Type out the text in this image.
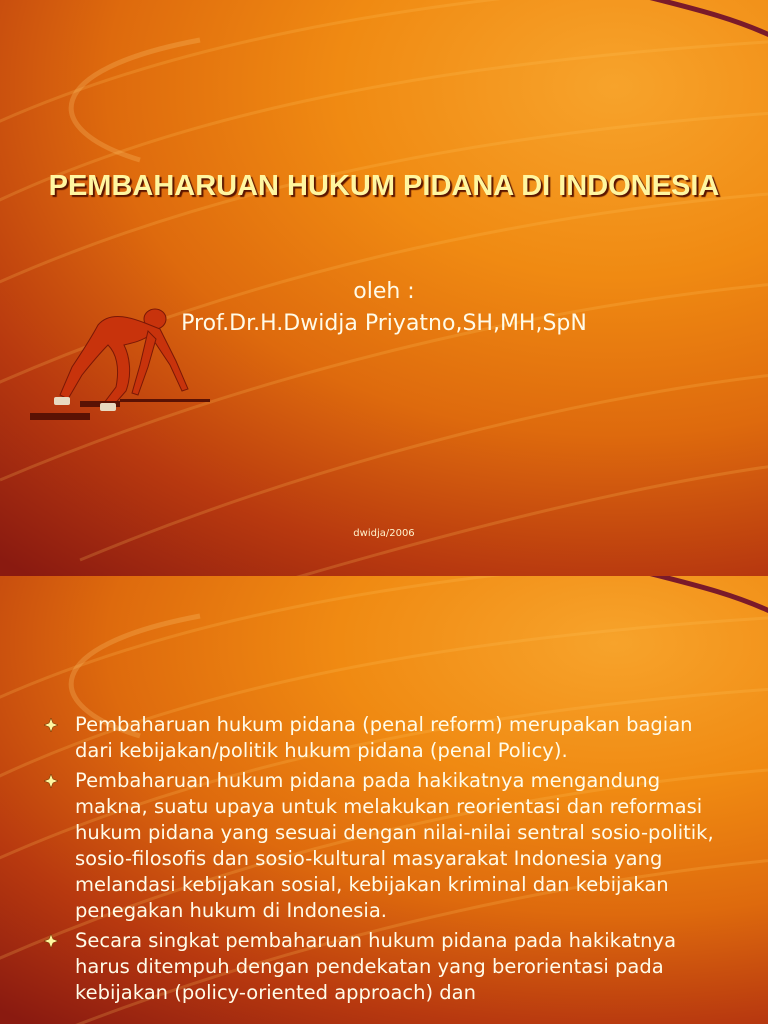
PEMBAHARUAN HUKUM PIDANA DI INDONESIA
oleh :
Prof.Dr.H.Dwidja Priyatno,SH,MH,SpN
dwidja/2006
Pembaharuan hukum pidana (penal reform) merupakan bagian dari kebijakan/politik hukum pidana (penal Policy).
Pembaharuan hukum pidana pada hakikatnya mengandung makna, suatu upaya untuk melakukan reorientasi dan reformasi hukum pidana yang sesuai dengan nilai-nilai sentral sosio-politik, sosio-filosofis dan sosio-kultural masyarakat Indonesia yang melandasi kebijakan sosial, kebijakan kriminal dan kebijakan penegakan hukum di Indonesia.
Secara singkat pembaharuan hukum pidana pada hakikatnya harus ditempuh dengan pendekatan yang berorientasi pada kebijakan (policy-oriented approach) dan
